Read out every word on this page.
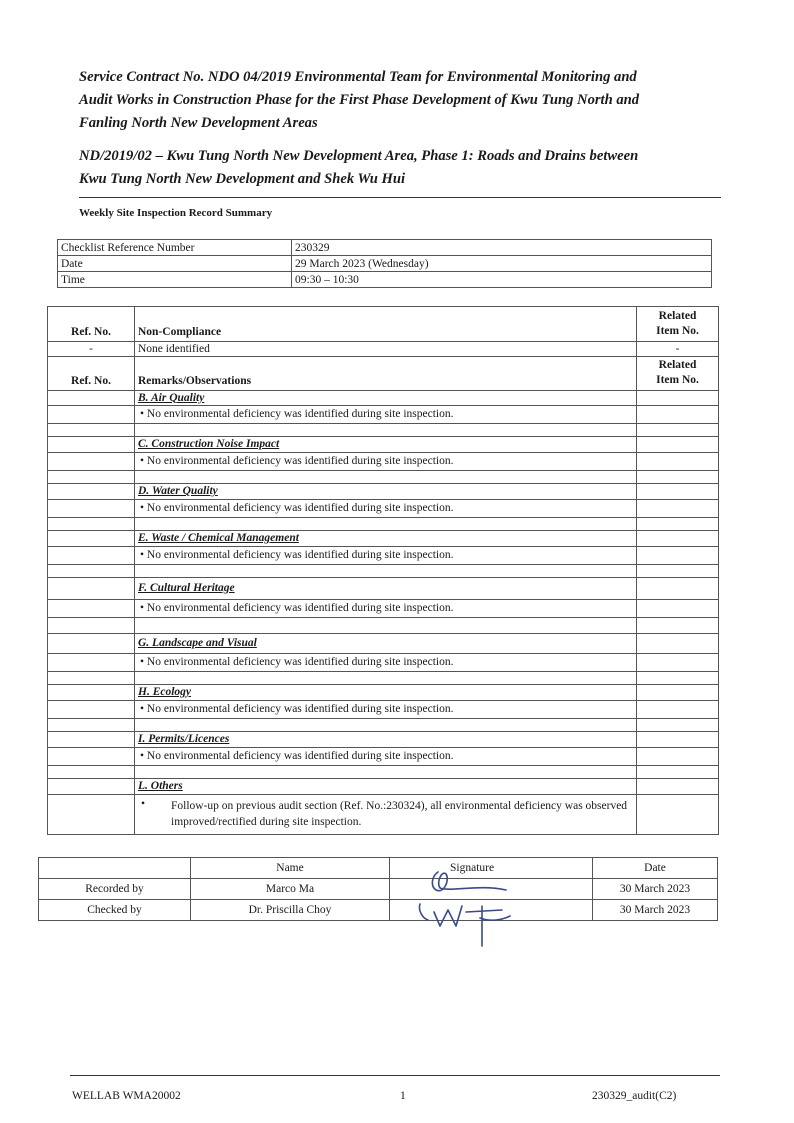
Service Contract No. NDO 04/2019 Environmental Team for Environmental Monitoring and
Audit Works in Construction Phase for the First Phase Development of Kwu Tung North and
Fanling North New Development Areas

ND/2019/02 – Kwu Tung North New Development Area, Phase 1: Roads and Drains between
Kwu Tung North New Development and Shek Wu Hui

Weekly Site Inspection Record Summary
Checklist Reference Number	230329
Date	29 March 2023 (Wednesday)
Time	09:30 – 10:30
Ref. No.	Non-Compliance	Related
Item No.
-	None identified	-
Ref. No.	Remarks/Observations	Related
Item No.
	B. Air Quality	
	• No environmental deficiency was identified during site inspection.	

	C. Construction Noise Impact	
	• No environmental deficiency was identified during site inspection.	

	D. Water Quality	
	• No environmental deficiency was identified during site inspection.	

	E. Waste / Chemical Management	
	• No environmental deficiency was identified during site inspection.	

	F. Cultural Heritage	
	• No environmental deficiency was identified during site inspection.	

	G. Landscape and Visual	
	• No environmental deficiency was identified during site inspection.	

	H. Ecology	
	• No environmental deficiency was identified during site inspection.	

	I. Permits/Licences	
	• No environmental deficiency was identified during site inspection.	

	L. Others	

	• Follow-up on previous audit section (Ref. No.:230324), all environmental deficiency was observed improved/rectified during site inspection.	

	Name	Signature	Date
Recorded by	Marco Ma		30 March 2023
Checked by	Dr. Priscilla Choy		30 March 2023
WELLAB WMA20002	1	230329_audit(C2)
